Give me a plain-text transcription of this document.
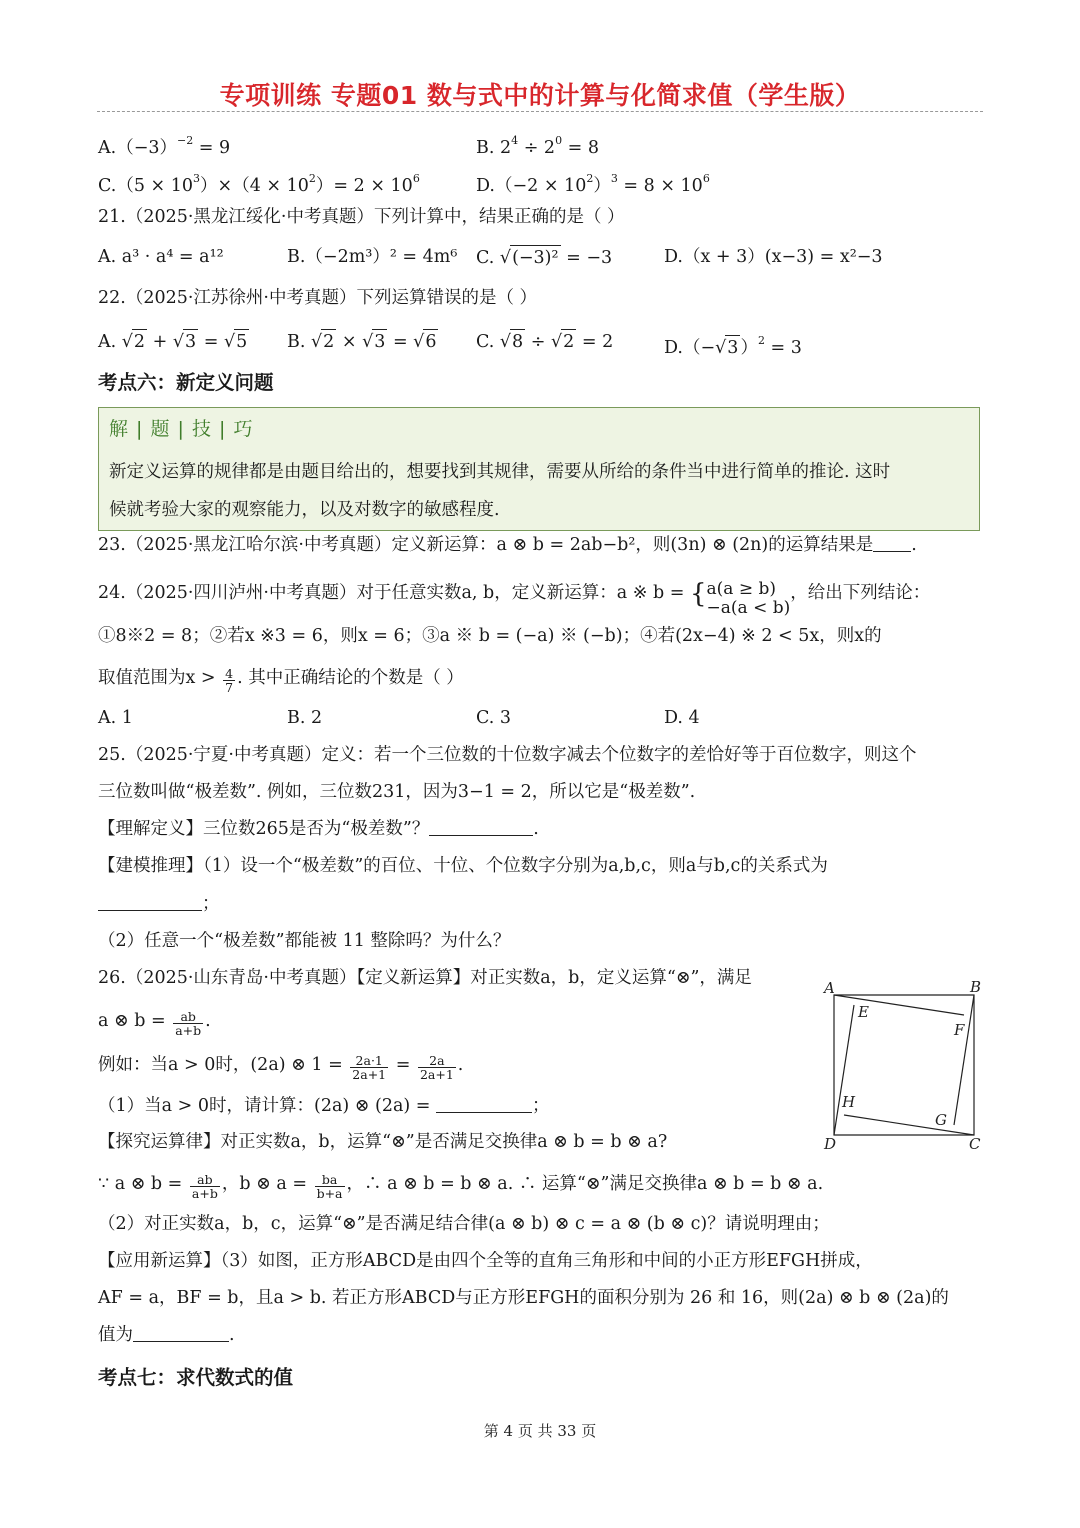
专项训练 专题01 数与式中的计算与化简求值（学生版）
$A.(-3)^{-2} = 9$	B. $2^4 \div 2^0 = 8$
$C.(5 \times 10^3)\times(4 \times 10^2)= 2 \times 10^6$	$D.(-2 \times 10^2)^3 = 8 \times 10^6$
21.（2025·黑龙江绥化·中考真题）下列计算中，结果正确的是（ ）
A. a³ · a⁴ = a¹²	B.（−2m³）² = 4m⁶ C. √(−3)² = −3	D.（x + 3）(x−3) = x²−3
22.（2025·江苏徐州·中考真题）下列运算错误的是（ ）
A. √2 + √3 = √5 B. √2 × √3 = √6 C. √8 ÷ √2 = 2	D.（−√3 ）$^2$ = 3
考点六：新定义问题
解 | 题 | 技 | 巧
新定义运算的规律都是由题目给出的，想要找到其规律，需要从所给的条件当中进行简单的推论. 这时
候就考验大家的观察能力，以及对数字的敏感程度.
23.（2025·黑龙江哈尔滨·中考真题）定义新运算：a ⊗ b = 2ab−b²，则(3n) ⊗ (2n)的运算结果是 .
24.（2025·四川泸州·中考真题）对于任意实数a, b，定义新运算：a ※ b = { a(a ≥ b)
−a(a < b)
，给出下列结论：
①8※2 = 8；②若x ※3 = 6，则x = 6；③a ※ b = (−a) ※ (−b)；④若(2x−4) ※ 2 < 5x，则x的
取值范围为$x > \frac{4}{7}$ . 其中正确结论的个数是（ ）
A. 1	B. 2	C. 3	D. 4
25.（2025·宁夏·中考真题）定义：若一个三位数的十位数字减去个位数字的差恰好等于百位数字，则这个
三位数叫做“极差数”. 例如，三位数231，因为3−1 = 2，所以它是“极差数”.
【理解定义】三位数265是否为“极差数”？	.
【建模推理】（1）设一个“极差数”的百位、十位、个位数字分别为a,b,c，则a与b,c的关系式为
；
（2）任意一个“极差数”都能被 11 整除吗？为什么？
26.（2025·山东青岛·中考真题）【定义新运算】对正实数a，b，定义运算“⊗”，满足
a ⊗ $b = \frac{ab}{a+b}$ .
例如：当a > 0时，(2a) ⊗ $1 = \frac{2a\cdot 1}{2a+1} = \frac{2a}{2a+1}$ .
（1）当a > 0时，请计算：(2a) ⊗ (2a) =	；
【探究运算律】对正实数a，b，运算“⊗”是否满足交换律a ⊗ b = b ⊗ a?
∵ a ⊗ $b = \frac{ab}{a+b}$ ，b ⊗ $a = \frac{ba}{b+a}$ ，∴ a ⊗ b = b ⊗ a. ∴ 运算“⊗”满足交换律a ⊗ b = b ⊗ a.
（2）对正实数a，b，c，运算“⊗”是否满足结合律(a ⊗ b) ⊗ c = a ⊗ (b ⊗ c)？请说明理由；
【应用新运算】（3）如图，正方形ABCD是由四个全等的直角三角形和中间的小正方形EFGH拼成，
AF = a，BF = b，且a > b. 若正方形ABCD与正方形EFGH的面积分别为 26 和 16，则(2a) ⊗ b ⊗ (2a)的
值为	.
A	B
C
D
E
F
G
H
考点七：求代数式的值
第 4 页 共 33 页
